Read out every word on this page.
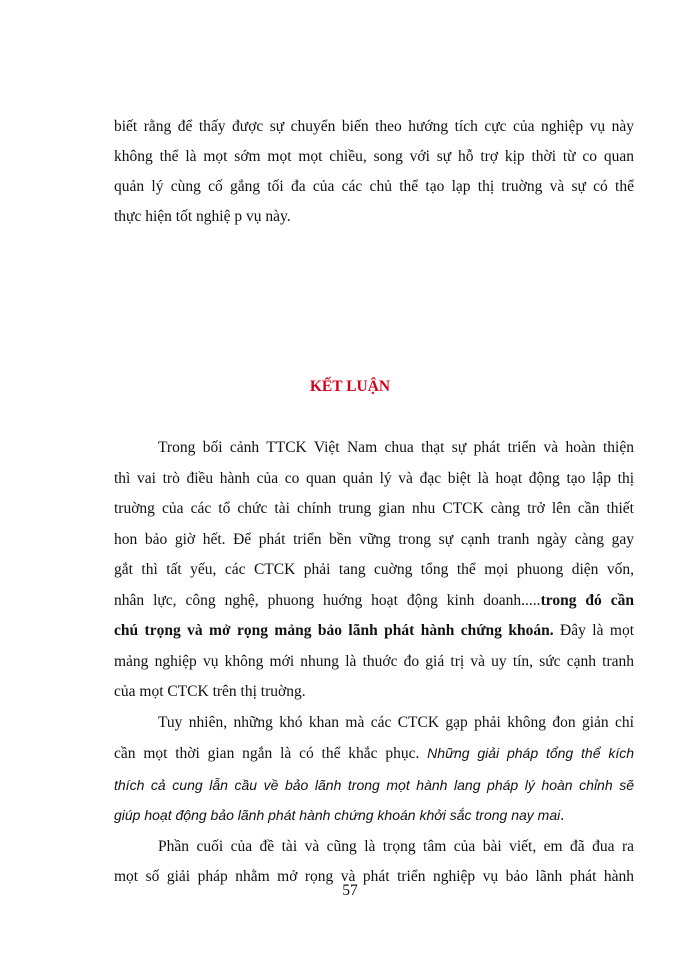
biết rằng để thấy được sự chuyển biến theo hướng tích cực của nghiệp vụ này
không thể là mọt sớm mọt mọt chiều, song với sự hỗ trợ kịp thời từ co quan
quản lý cùng cố gắng tối đa của các chủ thể tạo lạp thị truờng và sự có thể
thực hiện tốt nghiệ p vụ này.
KẾT LUẬN
Trong bối cảnh TTCK Việt Nam chua thạt sự phát triển và hoàn thiện
thì vai trò điều hành của co quan quản lý và đạc biệt là hoạt động tạo lập thị
truờng của các tổ chức tài chính trung gian nhu CTCK càng trở lên cần thiết
hon bảo giờ hết. Để phát triển bền vững trong sự cạnh tranh ngày càng gay
gắt thì tất yếu, các CTCK phải tang cuờng tổng thể mọi phuong diện vốn,
nhân lực, công nghệ, phuong huớng hoạt động kinh doanh.....trong đó cần
chú trọng và mở rọng mảng bảo lãnh phát hành chứng khoán. Đây là mọt
mảng nghiệp vụ không mới nhung là thuớc đo giá trị và uy tín, sức cạnh tranh
của mọt CTCK trên thị truờng.
Tuy nhiên, những khó khan mà các CTCK gạp phải không đon giản chỉ
cần mọt thời gian ngắn là có thể khắc phục. Những giải pháp tổng thể kích
thích cả cung lẫn cầu về bảo lãnh trong mọt hành lang pháp lý hoàn chỉnh sẽ
giúp hoạt động bảo lãnh phát hành chứng khoán khởi sắc trong nay mai.
Phần cuối của đề tài và cũng là trọng tâm của bài viết, em đã đua ra
mọt số giải pháp nhằm mở rọng và phát triển nghiệp vụ bảo lãnh phát hành
57
